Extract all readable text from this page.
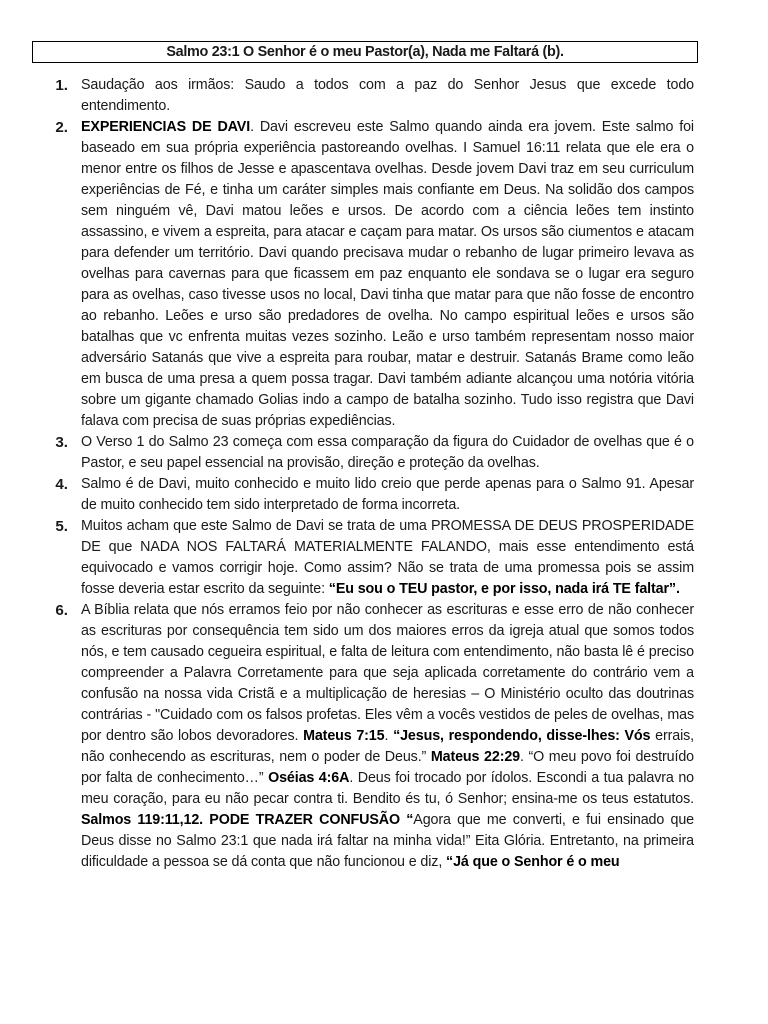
Salmo 23:1 O Senhor é o meu Pastor(a), Nada me Faltará (b).
1. Saudação aos irmãos: Saudo a todos com a paz do Senhor Jesus que excede todo entendimento.

2. EXPERIENCIAS DE DAVI. Davi escreveu este Salmo quando ainda era jovem. Este salmo foi baseado em sua própria experiência pastoreando ovelhas. I Samuel 16:11 relata que ele era o menor entre os filhos de Jesse e apascentava ovelhas. Desde jovem Davi traz em seu curriculum experiências de Fé, e tinha um caráter simples mais confiante em Deus. Na solidão dos campos sem ninguém vê, Davi matou leões e ursos. De acordo com a ciência leões tem instinto assassino, e vivem a espreita, para atacar e caçam para matar. Os ursos são ciumentos e atacam para defender um território. Davi quando precisava mudar o rebanho de lugar primeiro levava as ovelhas para cavernas para que ficassem em paz enquanto ele sondava se o lugar era seguro para as ovelhas, caso tivesse usos no local, Davi tinha que matar para que não fosse de encontro ao rebanho. Leões e urso são predadores de ovelha. No campo espiritual leões e ursos são batalhas que vc enfrenta muitas vezes sozinho. Leão e urso também representam nosso maior adversário Satanás que vive a espreita para roubar, matar e destruir. Satanás Brame como leão em busca de uma presa a quem possa tragar. Davi também adiante alcançou uma notória vitória sobre um gigante chamado Golias indo a campo de batalha sozinho. Tudo isso registra que Davi falava com precisa de suas próprias expediências.

3. O Verso 1 do Salmo 23 começa com essa comparação da figura do Cuidador de ovelhas que é o Pastor, e seu papel essencial na provisão, direção e proteção da ovelhas.

4. Salmo é de Davi, muito conhecido e muito lido creio que perde apenas para o Salmo 91. Apesar de muito conhecido tem sido interpretado de forma incorreta.

5. Muitos acham que este Salmo de Davi se trata de uma PROMESSA DE DEUS PROSPERIDADE DE que NADA NOS FALTARÁ MATERIALMENTE FALANDO, mais esse entendimento está equivocado e vamos corrigir hoje. Como assim? Não se trata de uma promessa pois se assim fosse deveria estar escrito da seguinte: “Eu sou o TEU pastor, e por isso, nada irá TE faltar”.

6. A Bíblia relata que nós erramos feio por não conhecer as escrituras e esse erro de não conhecer as escrituras por consequência tem sido um dos maiores erros da igreja atual que somos todos nós, e tem causado cegueira espiritual, e falta de leitura com entendimento, não basta lê é preciso compreender a Palavra Corretamente para que seja aplicada corretamente do contrário vem a confusão na nossa vida Cristã e a multiplicação de heresias – O Ministério oculto das doutrinas contrárias - "Cuidado com os falsos profetas. Eles vêm a vocês vestidos de peles de ovelhas, mas por dentro são lobos devoradores. Mateus 7:15. “Jesus, respondendo, disse-lhes: Vós errais, não conhecendo as escrituras, nem o poder de Deus.” Mateus 22:29. “O meu povo foi destruído por falta de conhecimento…” Oséias 4:6A. Deus foi trocado por ídolos. Escondi a tua palavra no meu coração, para eu não pecar contra ti. Bendito és tu, ó Senhor; ensina-me os teus estatutos. Salmos 119:11,12. PODE TRAZER CONFUSÃO “Agora que me converti, e fui ensinado que Deus disse no Salmo 23:1 que nada irá faltar na minha vida!” Eita Glória. Entretanto, na primeira dificuldade a pessoa se dá conta que não funcionou e diz, “Já que o Senhor é o meu
